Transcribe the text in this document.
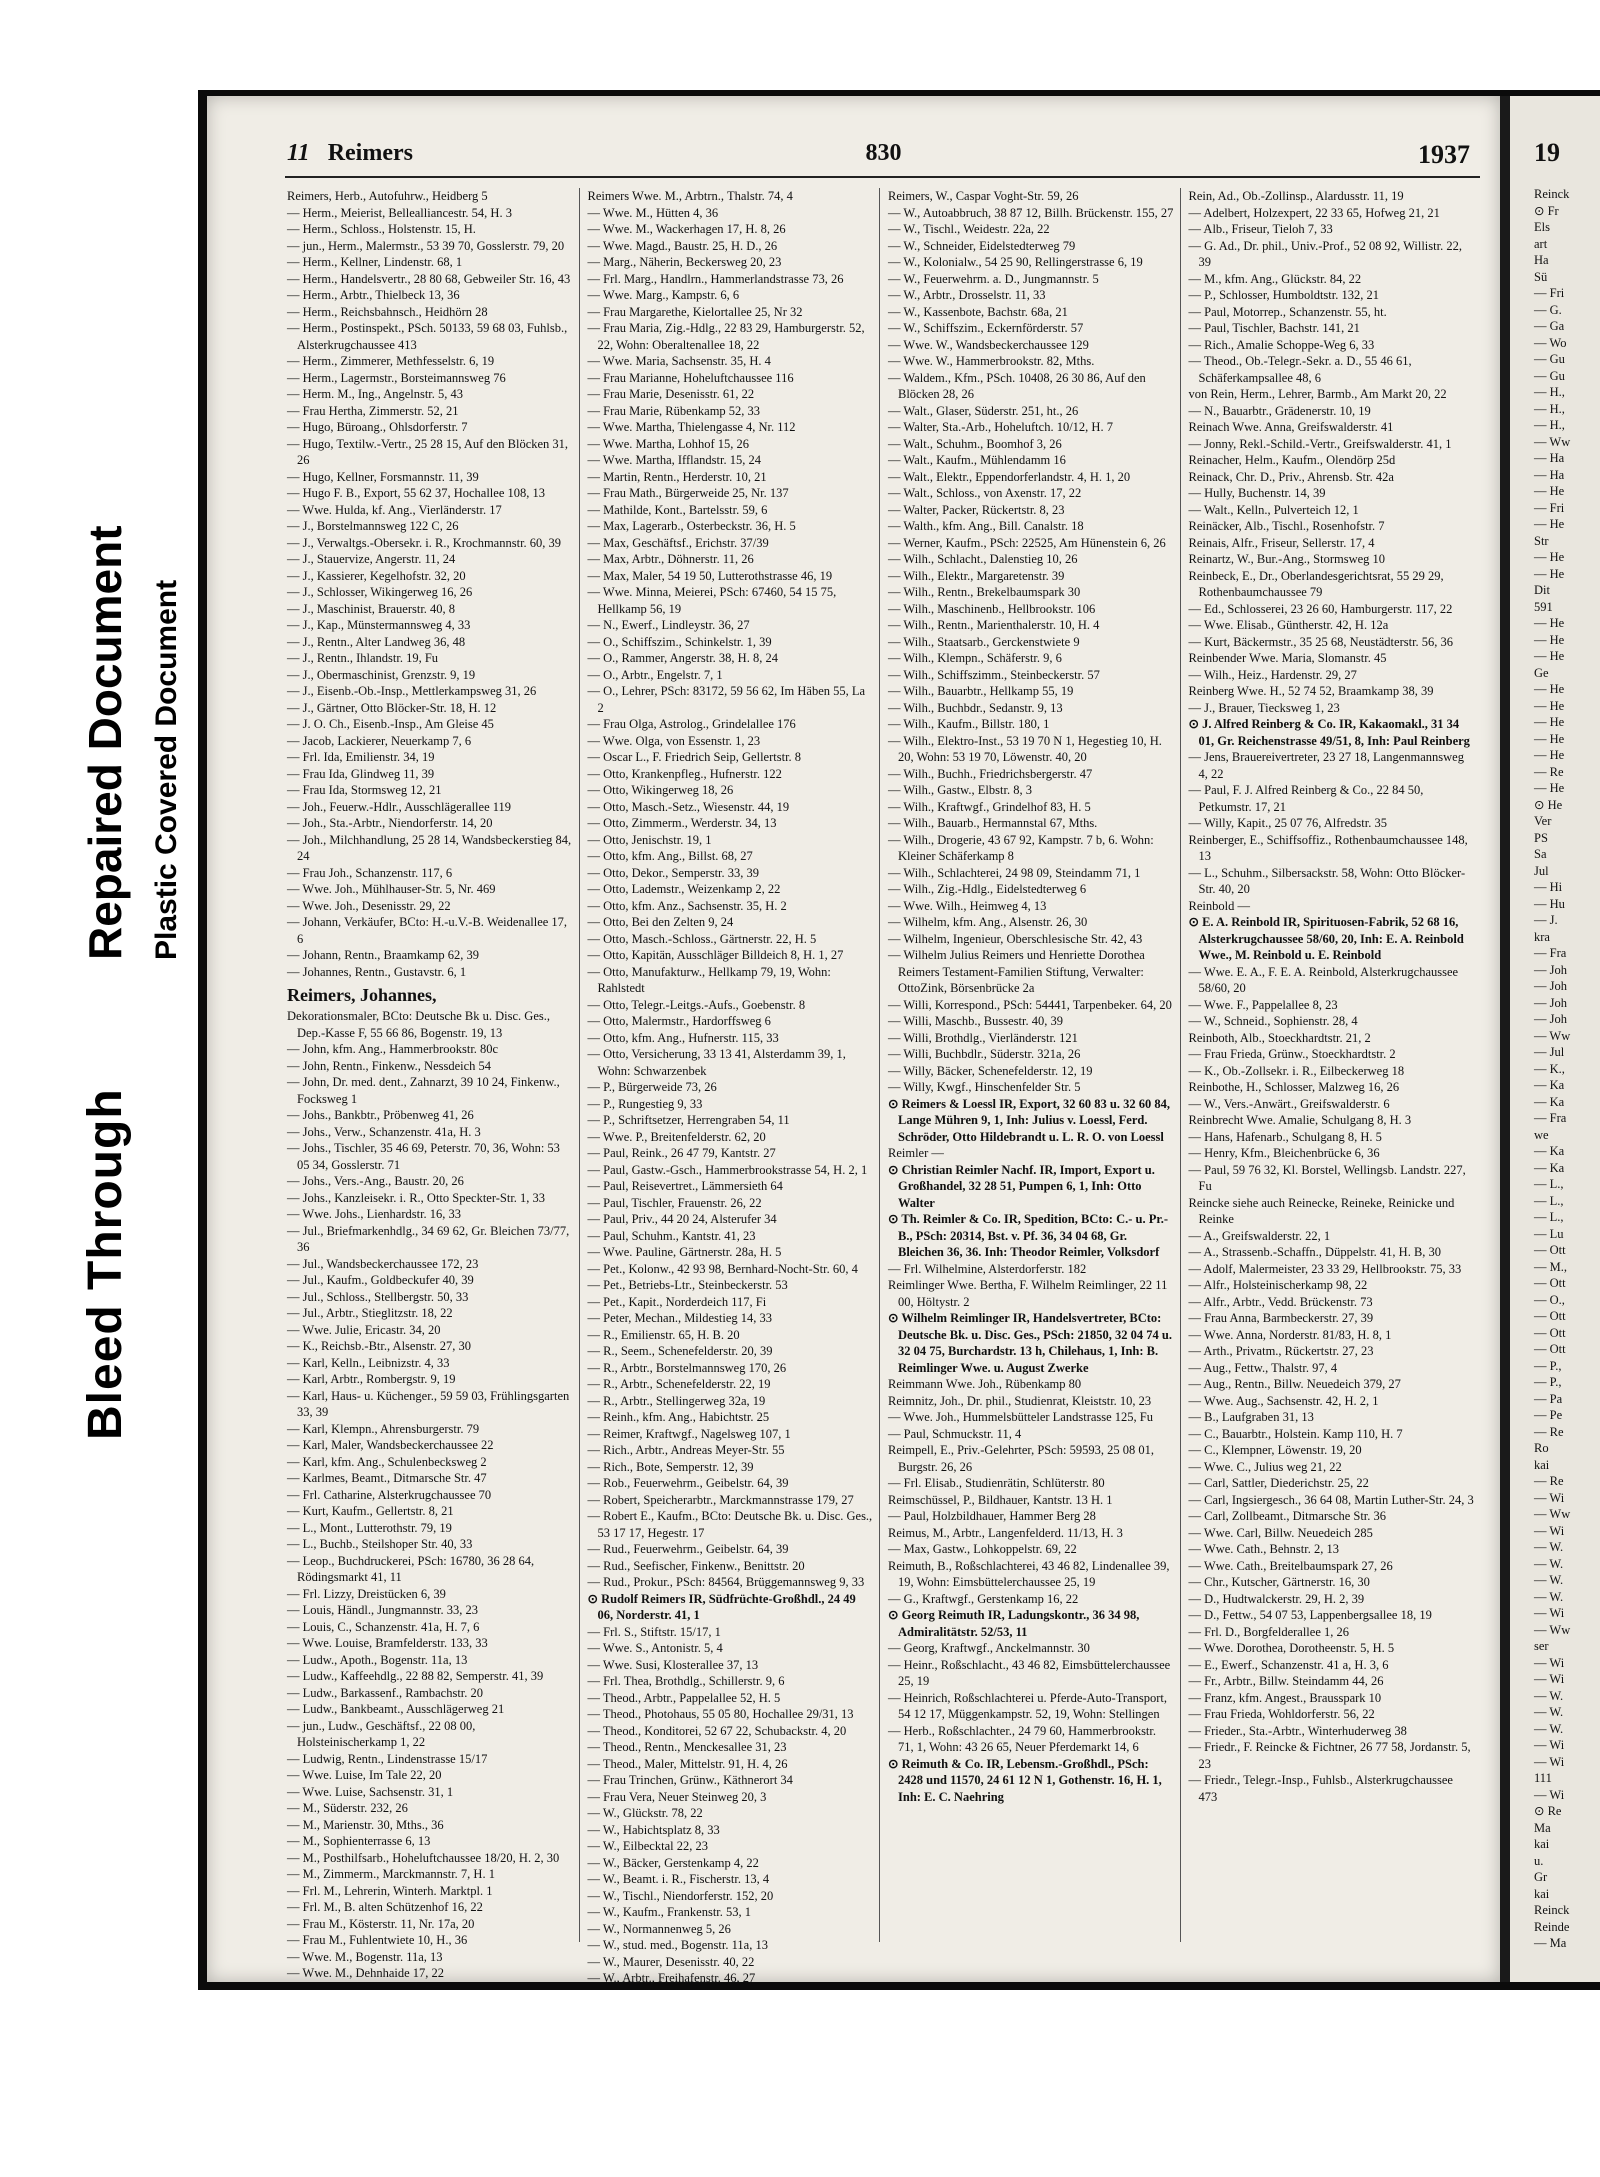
Bleed Through
Repaired Document Plastic Covered Document
11 Reimers	830	1937

Reimers, Herb., Autofuhrw., Heidberg 5

— Herm., Meierist, Bellealliancestr. 54, H. 3

— Herm., Schloss., Holstenstr. 15, H.

— jun., Herm., Malermstr., 53 39 70, Gosslerstr. 79, 20

— Herm., Kellner, Lindenstr. 68, 1

— Herm., Handelsvertr., 28 80 68, Gebweiler Str. 16, 43

— Herm., Arbtr., Thielbeck 13, 36

— Herm., Reichsbahnsch., Heidhörn 28

— Herm., Postinspekt., PSch. 50133, 59 68 03, Fuhlsb., Alsterkrugchaussee 413

— Herm., Zimmerer, Methfesselstr. 6, 19

— Herm., Lagermstr., Borsteimannsweg 76

— Herm. M., Ing., Angelnstr. 5, 43

— Frau Hertha, Zimmerstr. 52, 21

— Hugo, Büroang., Ohlsdorferstr. 7

— Hugo, Textilw.-Vertr., 25 28 15, Auf den Blöcken 31, 26

— Hugo, Kellner, Forsmannstr. 11, 39

— Hugo F. B., Export, 55 62 37, Hochallee 108, 13

— Wwe. Hulda, kf. Ang., Vierländerstr. 17

— J., Borstelmannsweg 122 C, 26

— J., Verwaltgs.-Obersekr. i. R., Krochmannstr. 60, 39

— J., Stauervize, Angerstr. 11, 24

— J., Kassierer, Kegelhofstr. 32, 20

— J., Schlosser, Wikingerweg 16, 26

— J., Maschinist, Brauerstr. 40, 8

— J., Kap., Münstermannsweg 4, 33

— J., Rentn., Alter Landweg 36, 48

— J., Rentn., Ihlandstr. 19, Fu

— J., Obermaschinist, Grenzstr. 9, 19

— J., Eisenb.-Ob.-Insp., Mettlerkampsweg 31, 26

— J., Gärtner, Otto Blöcker-Str. 18, H. 12

— J. O. Ch., Eisenb.-Insp., Am Gleise 45

— Jacob, Lackierer, Neuerkamp 7, 6

— Frl. Ida, Emilienstr. 34, 19

— Frau Ida, Glindweg 11, 39

— Frau Ida, Stormsweg 12, 21

— Joh., Feuerw.-Hdlr., Ausschlägerallee 119

— Joh., Sta.-Arbtr., Niendorferstr. 14, 20

— Joh., Milchhandlung, 25 28 14, Wandsbeckerstieg 84, 24

— Frau Joh., Schanzenstr. 117, 6

— Wwe. Joh., Mühlhauser-Str. 5, Nr. 469

— Wwe. Joh., Desenisstr. 29, 22

— Johann, Verkäufer, BCto: H.-u.V.-B. Weidenallee 17, 6

— Johann, Rentn., Braamkamp 62, 39

— Johannes, Rentn., Gustavstr. 6, 1

Reimers, Johannes,

Dekorationsmaler, BCto: Deutsche Bk u. Disc. Ges., Dep.-Kasse F, 55 66 86, Bogenstr. 19, 13

— John, kfm. Ang., Hammerbrookstr. 80c

— John, Rentn., Finkenw., Nessdeich 54

— John, Dr. med. dent., Zahnarzt, 39 10 24, Finkenw., Focksweg 1

— Johs., Bankbtr., Pröbenweg 41, 26

— Johs., Verw., Schanzenstr. 41a, H. 3

— Johs., Tischler, 35 46 69, Peterstr. 70, 36, Wohn: 53 05 34, Gosslerstr. 71

— Johs., Vers.-Ang., Baustr. 20, 26

— Johs., Kanzleisekr. i. R., Otto Speckter-Str. 1, 33

— Wwe. Johs., Lienhardstr. 16, 33

— Jul., Briefmarkenhdlg., 34 69 62, Gr. Bleichen 73/77, 36

— Jul., Wandsbeckerchaussee 172, 23

— Jul., Kaufm., Goldbeckufer 40, 39

— Jul., Schloss., Stellbergstr. 50, 33

— Jul., Arbtr., Stieglitzstr. 18, 22

— Wwe. Julie, Ericastr. 34, 20

— K., Reichsb.-Btr., Alsenstr. 27, 30

— Karl, Kelln., Leibnizstr. 4, 33

— Karl, Arbtr., Rombergstr. 9, 19

— Karl, Haus- u. Küchenger., 59 59 03, Frühlingsgarten 33, 39

— Karl, Klempn., Ahrensburgerstr. 79

— Karl, Maler, Wandsbeckerchaussee 22

— Karl, kfm. Ang., Schulenbecksweg 2

— Karlmes, Beamt., Ditmarsche Str. 47

— Frl. Catharine, Alsterkrugchaussee 70

— Kurt, Kaufm., Gellertstr. 8, 21

— L., Mont., Lutterothstr. 79, 19

— L., Buchb., Steilshoper Str. 40, 33

— Leop., Buchdruckerei, PSch: 16780, 36 28 64, Rödingsmarkt 41, 11

— Frl. Lizzy, Dreistücken 6, 39

— Louis, Händl., Jungmannstr. 33, 23

— Louis, C., Schanzenstr. 41a, H. 7, 6

— Wwe. Louise, Bramfelderstr. 133, 33

— Ludw., Apoth., Bogenstr. 11a, 13

— Ludw., Kaffeehdlg., 22 88 82, Semperstr. 41, 39

— Ludw., Barkassenf., Rambachstr. 20

— Ludw., Bankbeamt., Ausschlägerweg 21

— jun., Ludw., Geschäftsf., 22 08 00, Holsteinischerkamp 1, 22

— Ludwig, Rentn., Lindenstrasse 15/17

— Wwe. Luise, Im Tale 22, 20

— Wwe. Luise, Sachsenstr. 31, 1

— M., Süderstr. 232, 26

— M., Marienstr. 30, Mths., 36

— M., Sophienterrasse 6, 13

— M., Posthilfsarb., Hoheluftchaussee 18/20, H. 2, 30

— M., Zimmerm., Marckmannstr. 7, H. 1

— Frl. M., Lehrerin, Winterh. Marktpl. 1

— Frl. M., B. alten Schützenhof 16, 22

— Frau M., Kösterstr. 11, Nr. 17a, 20

— Frau M., Fuhlentwiete 10, H., 36

— Wwe. M., Bogenstr. 11a, 13

— Wwe. M., Dehnhaide 17, 22

Reimers Wwe. M., Arbtrn., Thalstr. 74, 4

— Wwe. M., Hütten 4, 36

— Wwe. M., Wackerhagen 17, H. 8, 26

— Wwe. Magd., Baustr. 25, H. D., 26

— Marg., Näherin, Beckersweg 20, 23

— Frl. Marg., Handlrn., Hammerlandstrasse 73, 26

— Wwe. Marg., Kampstr. 6, 6

— Frau Margarethe, Kielortallee 25, Nr 32

— Frau Maria, Zig.-Hdlg., 22 83 29, Hamburgerstr. 52, 22, Wohn: Oberaltenallee 18, 22

— Wwe. Maria, Sachsenstr. 35, H. 4

— Frau Marianne, Hoheluftchaussee 116

— Frau Marie, Desenisstr. 61, 22

— Frau Marie, Rübenkamp 52, 33

— Wwe. Martha, Thielengasse 4, Nr. 112

— Wwe. Martha, Lohhof 15, 26

— Wwe. Martha, Ifflandstr. 15, 24

— Martin, Rentn., Herderstr. 10, 21

— Frau Math., Bürgerweide 25, Nr. 137

— Mathilde, Kont., Bartelsstr. 59, 6

— Max, Lagerarb., Osterbeckstr. 36, H. 5

— Max, Geschäftsf., Erichstr. 37/39

— Max, Arbtr., Döhnerstr. 11, 26

— Max, Maler, 54 19 50, Lutterothstrasse 46, 19

— Wwe. Minna, Meierei, PSch: 67460, 54 15 75, Hellkamp 56, 19

— N., Ewerf., Lindleystr. 36, 27

— O., Schiffszim., Schinkelstr. 1, 39

— O., Rammer, Angerstr. 38, H. 8, 24

— O., Arbtr., Engelstr. 7, 1

— O., Lehrer, PSch: 83172, 59 56 62, Im Häben 55, La 2

— Frau Olga, Astrolog., Grindelallee 176

— Wwe. Olga, von Essenstr. 1, 23

— Oscar L., F. Friedrich Seip, Gellertstr. 8

— Otto, Krankenpfleg., Hufnerstr. 122

— Otto, Wikingerweg 18, 26

— Otto, Masch.-Setz., Wiesenstr. 44, 19

— Otto, Zimmerm., Werderstr. 34, 13

— Otto, Jenischstr. 19, 1

— Otto, kfm. Ang., Billst. 68, 27

— Otto, Dekor., Semperstr. 33, 39

— Otto, Lademstr., Weizenkamp 2, 22

— Otto, kfm. Anz., Sachsenstr. 35, H. 2

— Otto, Bei den Zelten 9, 24

— Otto, Masch.-Schloss., Gärtnerstr. 22, H. 5

— Otto, Kapitän, Ausschläger Billdeich 8, H. 1, 27

— Otto, Manufakturw., Hellkamp 79, 19, Wohn: Rahlstedt

— Otto, Telegr.-Leitgs.-Aufs., Goebenstr. 8

— Otto, Malermstr., Hardorffsweg 6

— Otto, kfm. Ang., Hufnerstr. 115, 33

— Otto, Versicherung, 33 13 41, Alsterdamm 39, 1, Wohn: Schwarzenbek

— P., Bürgerweide 73, 26

— P., Rungestieg 9, 33

— P., Schriftsetzer, Herrengraben 54, 11

— Wwe. P., Breitenfelderstr. 62, 20

— Paul, Reink., 26 47 79, Kantstr. 27

— Paul, Gastw.-Gsch., Hammerbrookstrasse 54, H. 2, 1

— Paul, Reisevertret., Lämmersieth 64

— Paul, Tischler, Frauenstr. 26, 22

— Paul, Priv., 44 20 24, Alsterufer 34

— Paul, Schuhm., Kantstr. 41, 23

— Wwe. Pauline, Gärtnerstr. 28a, H. 5

— Pet., Kolonw., 42 93 98, Bernhard-Nocht-Str. 60, 4

— Pet., Betriebs-Ltr., Steinbeckerstr. 53

— Pet., Kapit., Norderdeich 117, Fi

— Peter, Mechan., Mildestieg 14, 33

— R., Emilienstr. 65, H. B. 20

— R., Seem., Schenefelderstr. 20, 39

— R., Arbtr., Borstelmannsweg 170, 26

— R., Arbtr., Schenefelderstr. 22, 19

— R., Arbtr., Stellingerweg 32a, 19

— Reinh., kfm. Ang., Habichtstr. 25

— Reimer, Kraftwgf., Nagelsweg 107, 1

— Rich., Arbtr., Andreas Meyer-Str. 55

— Rich., Bote, Semperstr. 12, 39

— Rob., Feuerwehrm., Geibelstr. 64, 39

— Robert, Speicherarbtr., Marckmannstrasse 179, 27

— Robert E., Kaufm., BCto: Deutsche Bk. u. Disc. Ges., 53 17 17, Hegestr. 17

— Rud., Feuerwehrm., Geibelstr. 64, 39

— Rud., Seefischer, Finkenw., Benittstr. 20

— Rud., Prokur., PSch: 84564, Brüggemannsweg 9, 33

⊙ Rudolf Reimers IR, Südfrüchte-Großhdl., 24 49 06, Norderstr. 41, 1

— Frl. S., Stiftstr. 15/17, 1

— Wwe. S., Antonistr. 5, 4

— Wwe. Susi, Klosterallee 37, 13

— Frl. Thea, Brothdlg., Schillerstr. 9, 6

— Theod., Arbtr., Pappelallee 52, H. 5

— Theod., Photohaus, 55 05 80, Hochallee 29/31, 13

— Theod., Konditorei, 52 67 22, Schubackstr. 4, 20

— Theod., Rentn., Menckesallee 31, 23

— Theod., Maler, Mittelstr. 91, H. 4, 26

— Frau Trinchen, Grünw., Käthnerort 34

— Frau Vera, Neuer Steinweg 20, 3

— W., Glückstr. 78, 22

— W., Habichtsplatz 8, 33

— W., Eilbecktal 22, 23

— W., Bäcker, Gerstenkamp 4, 22

— W., Beamt. i. R., Fischerstr. 13, 4

— W., Tischl., Niendorferstr. 152, 20

— W., Kaufm., Frankenstr. 53, 1

— W., Normannenweg 5, 26

— W., stud. med., Bogenstr. 11a, 13

— W., Maurer, Desenisstr. 40, 22

— W., Arbtr., Freihafenstr. 46, 27

Reimers, W., Caspar Voght-Str. 59, 26

— W., Autoabbruch, 38 87 12, Billh. Brückenstr. 155, 27

— W., Tischl., Weidestr. 22a, 22

— W., Schneider, Eidelstedterweg 79

— W., Kolonialw., 54 25 90, Rellingerstrasse 6, 19

— W., Feuerwehrm. a. D., Jungmannstr. 5

— W., Arbtr., Drosselstr. 11, 33

— W., Kassenbote, Bachstr. 68a, 21

— W., Schiffszim., Eckernförderstr. 57

— Wwe. W., Wandsbeckerchaussee 129

— Wwe. W., Hammerbrookstr. 82, Mths.

— Waldem., Kfm., PSch. 10408, 26 30 86, Auf den Blöcken 28, 26

— Walt., Glaser, Süderstr. 251, ht., 26

— Walter, Sta.-Arb., Hoheluftch. 10/12, H. 7

— Walt., Schuhm., Boomhof 3, 26

— Walt., Kaufm., Mühlendamm 16

— Walt., Elektr., Eppendorferlandstr. 4, H. 1, 20

— Walt., Schloss., von Axenstr. 17, 22

— Walter, Packer, Rückertstr. 8, 23

— Walth., kfm. Ang., Bill. Canalstr. 18

— Werner, Kaufm., PSch: 22525, Am Hünenstein 6, 26

— Wilh., Schlacht., Dalenstieg 10, 26

— Wilh., Elektr., Margaretenstr. 39

— Wilh., Rentn., Brekelbaumspark 30

— Wilh., Maschinenb., Hellbrookstr. 106

— Wilh., Rentn., Marienthalerstr. 10, H. 4

— Wilh., Staatsarb., Gerckenstwiete 9

— Wilh., Klempn., Schäferstr. 9, 6

— Wilh., Schiffszimm., Steinbeckerstr. 57

— Wilh., Bauarbtr., Hellkamp 55, 19

— Wilh., Buchbdr., Sedanstr. 9, 13

— Wilh., Kaufm., Billstr. 180, 1

— Wilh., Elektro-Inst., 53 19 70 N 1, Hegestieg 10, H. 20, Wohn: 53 19 70, Löwenstr. 40, 20

— Wilh., Buchh., Friedrichsbergerstr. 47

— Wilh., Gastw., Elbstr. 8, 3

— Wilh., Kraftwgf., Grindelhof 83, H. 5

— Wilh., Bauarb., Hermannstal 67, Mths.

— Wilh., Drogerie, 43 67 92, Kampstr. 7 b, 6. Wohn: Kleiner Schäferkamp 8

— Wilh., Schlachterei, 24 98 09, Steindamm 71, 1

— Wilh., Zig.-Hdlg., Eidelstedterweg 6

— Wwe. Wilh., Heimweg 4, 13

— Wilhelm, kfm. Ang., Alsenstr. 26, 30

— Wilhelm, Ingenieur, Oberschlesische Str. 42, 43

— Wilhelm Julius Reimers und Henriette Dorothea Reimers Testament-Familien Stiftung, Verwalter: OttoZink, Börsenbrücke 2a

— Willi, Korrespond., PSch: 54441, Tarpenbeker. 64, 20

— Willi, Maschb., Bussestr. 40, 39

— Willi, Brothdlg., Vierländerstr. 121

— Willi, Buchbdlr., Süderstr. 321a, 26

— Willy, Bäcker, Schenefelderstr. 12, 19

— Willy, Kwgf., Hinschenfelder Str. 5

⊙ Reimers & Loessl IR, Export, 32 60 83 u. 32 60 84, Lange Mühren 9, 1, Inh: Julius v. Loessl, Ferd. Schröder, Otto Hildebrandt u. L. R. O. von Loessl

Reimler —

⊙ Christian Reimler Nachf. IR, Import, Export u. Großhandel, 32 28 51, Pumpen 6, 1, Inh: Otto Walter

⊙ Th. Reimler & Co. IR, Spedition, BCto: C.- u. Pr.-B., PSch: 20314, Bst. v. Pf. 36, 34 04 68, Gr. Bleichen 36, 36. Inh: Theodor Reimler, Volksdorf

— Frl. Wilhelmine, Alsterdorferstr. 182

Reimlinger Wwe. Bertha, F. Wilhelm Reimlinger, 22 11 00, Höltystr. 2

⊙ Wilhelm Reimlinger IR, Handelsvertreter, BCto: Deutsche Bk. u. Disc. Ges., PSch: 21850, 32 04 74 u. 32 04 75, Burchardstr. 13 h, Chilehaus, 1, Inh: B. Reimlinger Wwe. u. August Zwerke

Reimmann Wwe. Joh., Rübenkamp 80

Reimnitz, Joh., Dr. phil., Studienrat, Kleiststr. 10, 23

— Wwe. Joh., Hummelsbütteler Landstrasse 125, Fu

— Paul, Schmuckstr. 11, 4

Reimpell, E., Priv.-Gelehrter, PSch: 59593, 25 08 01, Burgstr. 26, 26

— Frl. Elisab., Studienrätin, Schlüterstr. 80

Reimschüssel, P., Bildhauer, Kantstr. 13 H. 1

— Paul, Holzbildhauer, Hammer Berg 28

Reimus, M., Arbtr., Langenfelderd. 11/13, H. 3

— Max, Gastw., Lohkoppelstr. 69, 22

Reimuth, B., Roßschlachterei, 43 46 82, Lindenallee 39, 19, Wohn: Eimsbüttelerchaussee 25, 19

— G., Kraftwgf., Gerstenkamp 16, 22

⊙ Georg Reimuth IR, Ladungskontr., 36 34 98, Admiralitätstr. 52/53, 11

— Georg, Kraftwgf., Anckelmannstr. 30

— Heinr., Roßschlacht., 43 46 82, Eimsbüttelerchaussee 25, 19

— Heinrich, Roßschlachterei u. Pferde-Auto-Transport, 54 12 17, Müggenkampstr. 52, 19, Wohn: Stellingen

— Herb., Roßschlachter., 24 79 60, Hammerbrookstr. 71, 1, Wohn: 43 26 65, Neuer Pferdemarkt 14, 6

⊙ Reimuth & Co. IR, Lebensm.-Großhdl., PSch: 2428 und 11570, 24 61 12 N 1, Gothenstr. 16, H. 1, Inh: E. C. Naehring

Rein, Ad., Ob.-Zollinsp., Alardusstr. 11, 19

— Adelbert, Holzexpert, 22 33 65, Hofweg 21, 21

— Alb., Friseur, Tieloh 7, 33

— G. Ad., Dr. phil., Univ.-Prof., 52 08 92, Willistr. 22, 39

— M., kfm. Ang., Glückstr. 84, 22

— P., Schlosser, Humboldtstr. 132, 21

— Paul, Motorrep., Schanzenstr. 55, ht.

— Paul, Tischler, Bachstr. 141, 21

— Rich., Amalie Schoppe-Weg 6, 33

— Theod., Ob.-Telegr.-Sekr. a. D., 55 46 61, Schäferkampsallee 48, 6

von Rein, Herm., Lehrer, Barmb., Am Markt 20, 22

— N., Bauarbtr., Grädenerstr. 10, 19

Reinach Wwe. Anna, Greifswalderstr. 41

— Jonny, Rekl.-Schild.-Vertr., Greifswalderstr. 41, 1

Reinacher, Helm., Kaufm., Olendörp 25d

Reinack, Chr. D., Priv., Ahrensb. Str. 42a

— Hully, Buchenstr. 14, 39

— Walt., Kelln., Pulverteich 12, 1

Reinäcker, Alb., Tischl., Rosenhofstr. 7

Reinais, Alfr., Friseur, Sellerstr. 17, 4

Reinartz, W., Bur.-Ang., Stormsweg 10

Reinbeck, E., Dr., Oberlandesgerichtsrat, 55 29 29, Rothenbaumchaussee 79

— Ed., Schlosserei, 23 26 60, Hamburgerstr. 117, 22

— Wwe. Elisab., Güntherstr. 42, H. 12a

— Kurt, Bäckermstr., 35 25 68, Neustädterstr. 56, 36

Reinbender Wwe. Maria, Slomanstr. 45

— Wilh., Heiz., Hardenstr. 29, 27

Reinberg Wwe. H., 52 74 52, Braamkamp 38, 39

— J., Brauer, Tiecksweg 1, 23

⊙ J. Alfred Reinberg & Co. IR, Kakaomakl., 31 34 01, Gr. Reichenstrasse 49/51, 8, Inh: Paul Reinberg

— Jens, Brauereivertreter, 23 27 18, Langenmannsweg 4, 22

— Paul, F. J. Alfred Reinberg & Co., 22 84 50, Petkumstr. 17, 21

— Willy, Kapit., 25 07 76, Alfredstr. 35

Reinberger, E., Schiffsoffiz., Rothenbaumchaussee 148, 13

— L., Schuhm., Silbersackstr. 58, Wohn: Otto Blöcker-Str. 40, 20

Reinbold —

⊙ E. A. Reinbold IR, Spirituosen-Fabrik, 52 68 16, Alsterkrugchaussee 58/60, 20, Inh: E. A. Reinbold Wwe., M. Reinbold u. E. Reinbold

— Wwe. E. A., F. E. A. Reinbold, Alsterkrugchaussee 58/60, 20

— Wwe. F., Pappelallee 8, 23

— W., Schneid., Sophienstr. 28, 4

Reinboth, Alb., Stoeckhardtstr. 21, 2

— Frau Frieda, Grünw., Stoeckhardtstr. 2

— K., Ob.-Zollsekr. i. R., Eilbeckerweg 18

Reinbothe, H., Schlosser, Malzweg 16, 26

— W., Vers.-Anwärt., Greifswalderstr. 6

Reinbrecht Wwe. Amalie, Schulgang 8, H. 3

— Hans, Hafenarb., Schulgang 8, H. 5

— Henry, Kfm., Bleichenbrücke 6, 36

— Paul, 59 76 32, Kl. Borstel, Wellingsb. Landstr. 227, Fu

Reincke siehe auch Reinecke, Reineke, Reinicke und Reinke

— A., Greifswalderstr. 22, 1

— A., Strassenb.-Schaffn., Düppelstr. 41, H. B, 30

— Adolf, Malermeister, 23 33 29, Hellbrookstr. 75, 33

— Alfr., Holsteinischerkamp 98, 22

— Alfr., Arbtr., Vedd. Brückenstr. 73

— Frau Anna, Barmbeckerstr. 27, 39

— Wwe. Anna, Norderstr. 81/83, H. 8, 1

— Arth., Privatm., Rückertstr. 27, 23

— Aug., Fettw., Thalstr. 97, 4

— Aug., Rentn., Billw. Neuedeich 379, 27

— Wwe. Aug., Sachsenstr. 42, H. 2, 1

— B., Laufgraben 31, 13

— C., Bauarbtr., Holstein. Kamp 110, H. 7

— C., Klempner, Löwenstr. 19, 20

— Wwe. C., Julius weg 21, 22

— Carl, Sattler, Diederichstr. 25, 22

— Carl, Ingsiergesch., 36 64 08, Martin Luther-Str. 24, 3

— Carl, Zollbeamt., Ditmarsche Str. 36

— Wwe. Carl, Billw. Neuedeich 285

— Wwe. Cath., Behnstr. 2, 13

— Wwe. Cath., Breitelbaumspark 27, 26

— Chr., Kutscher, Gärtnerstr. 16, 30

— D., Hudtwalckerstr. 29, H. 2, 39

— D., Fettw., 54 07 53, Lappenbergsallee 18, 19

— Frl. D., Borgfelderallee 1, 26

— Wwe. Dorothea, Dorotheenstr. 5, H. 5

— E., Ewerf., Schanzenstr. 41 a, H. 3, 6

— Fr., Arbtr., Billw. Steindamm 44, 26

— Franz, kfm. Angest., Brausspark 10

— Frau Frieda, Wohldorferstr. 56, 22

— Frieder., Sta.-Arbtr., Winterhuderweg 38

— Friedr., F. Reincke & Fichtner, 26 77 58, Jordanstr. 5, 23

— Friedr., Telegr.-Insp., Fuhlsb., Alsterkrugchaussee 473

19
Reinck
⊙ Fr
Els
art
Ha
Sü
— Fri
— G.
— Ga
— Wo
— Gu
— Gu
— H.,
— H.,
— H.,
— Ww
— Ha
— Ha
— He
— Fri
— He
Str
— He
— He
Dit
591
— He
— He
— He
Ge
— He
— He
— He
— He
— He
— Re
— He
⊙ He
Ver
PS
Sa
Jul
— Hi
— Hu
— J.
kra
— Fra
— Joh
— Joh
— Joh
— Joh
— Ww
— Jul
— K.,
— Ka
— Ka
— Fra
we
— Ka
— Ka
— L.,
— L.,
— L.,
— Lu
— Ott
— M.,
— Ott
— O.,
— Ott
— Ott
— Ott
— P.,
— P.,
— Pa
— Pe
— Re
Ro
kai
— Re
— Wi
— Ww
— Wi
— W.
— W.
— W.
— W.
— Wi
— Ww
ser
— Wi
— Wi
— W.
— W.
— W.
— Wi
— Wi
111
— Wi
⊙ Re
Ma
kai
u.
Gr
kai
Reinck
Reinde
— Ma
